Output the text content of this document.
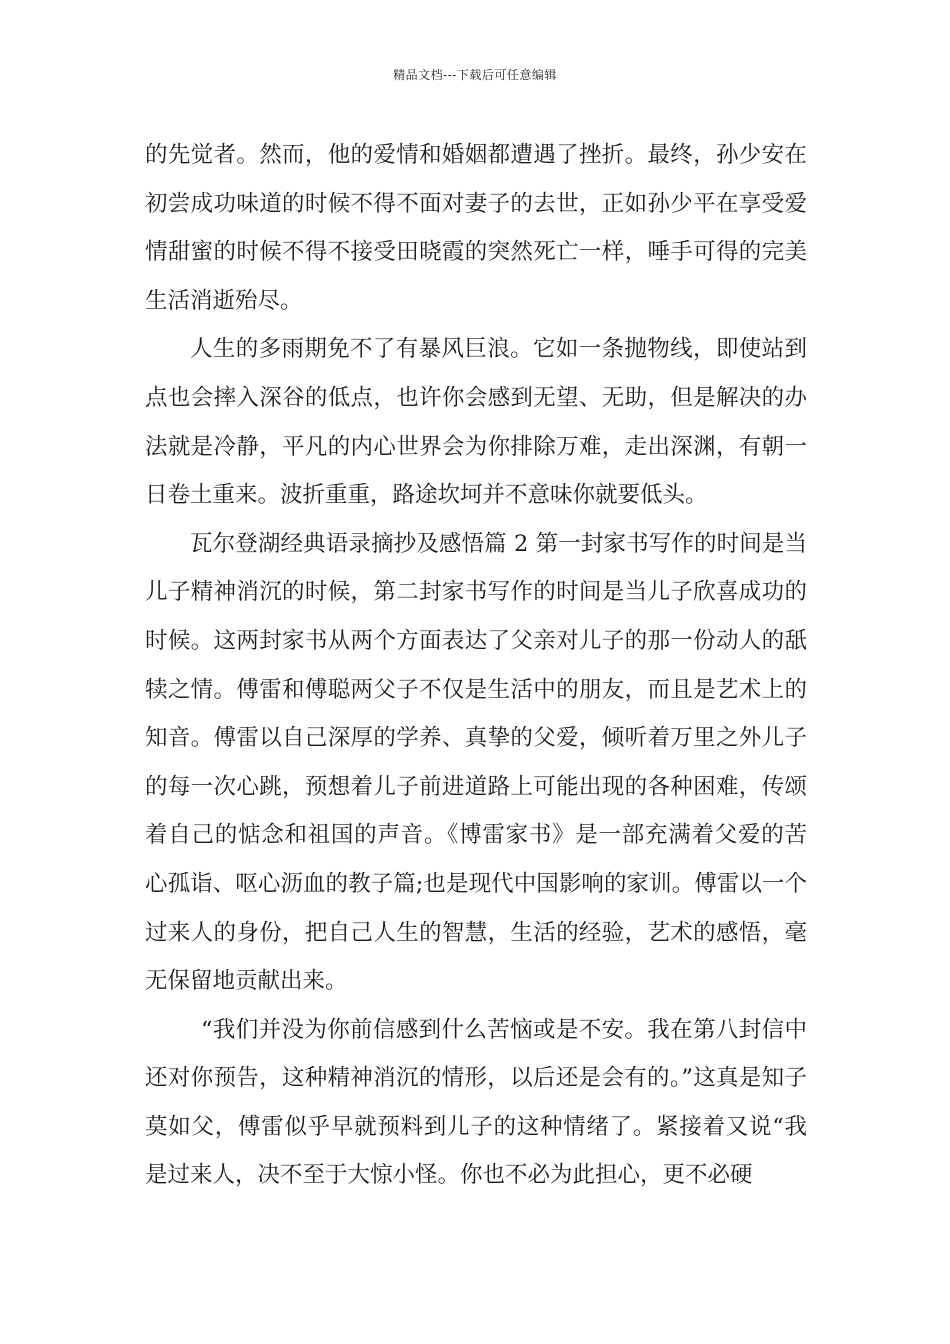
精品文档---下载后可任意编辑

的先觉者。然而，他的爱情和婚姻都遭遇了挫折。最终，孙少安在初尝成功味道的时候不得不面对妻子的去世，正如孙少平在享受爱情甜蜜的时候不得不接受田晓霞的突然死亡一样，唾手可得的完美生活消逝殆尽。

人生的多雨期免不了有暴风巨浪。它如一条抛物线，即使站到点也会摔入深谷的低点，也许你会感到无望、无助，但是解决的办法就是冷静，平凡的内心世界会为你排除万难，走出深渊，有朝一日卷土重来。波折重重，路途坎坷并不意味你就要低头。

瓦尔登湖经典语录摘抄及感悟篇 2 第一封家书写作的时间是当儿子精神消沉的时候，第二封家书写作的时间是当儿子欣喜成功的时候。这两封家书从两个方面表达了父亲对儿子的那一份动人的舐犊之情。傅雷和傅聪两父子不仅是生活中的朋友，而且是艺术上的知音。傅雷以自己深厚的学养、真挚的父爱，倾听着万里之外儿子的每一次心跳，预想着儿子前进道路上可能出现的各种困难，传颂着自己的惦念和祖国的声音。《博雷家书》是一部充满着父爱的苦心孤诣、呕心沥血的教子篇;也是现代中国影响的家训。傅雷以一个过来人的身份，把自己人生的智慧，生活的经验，艺术的感悟，毫无保留地贡献出来。

“我们并没为你前信感到什么苦恼或是不安。我在第八封信中还对你预告，这种精神消沉的情形，以后还是会有的。”这真是知子莫如父，傅雷似乎早就预料到儿子的这种情绪了。紧接着又说“我是过来人，决不至于大惊小怪。你也不必为此担心，更不必硬
